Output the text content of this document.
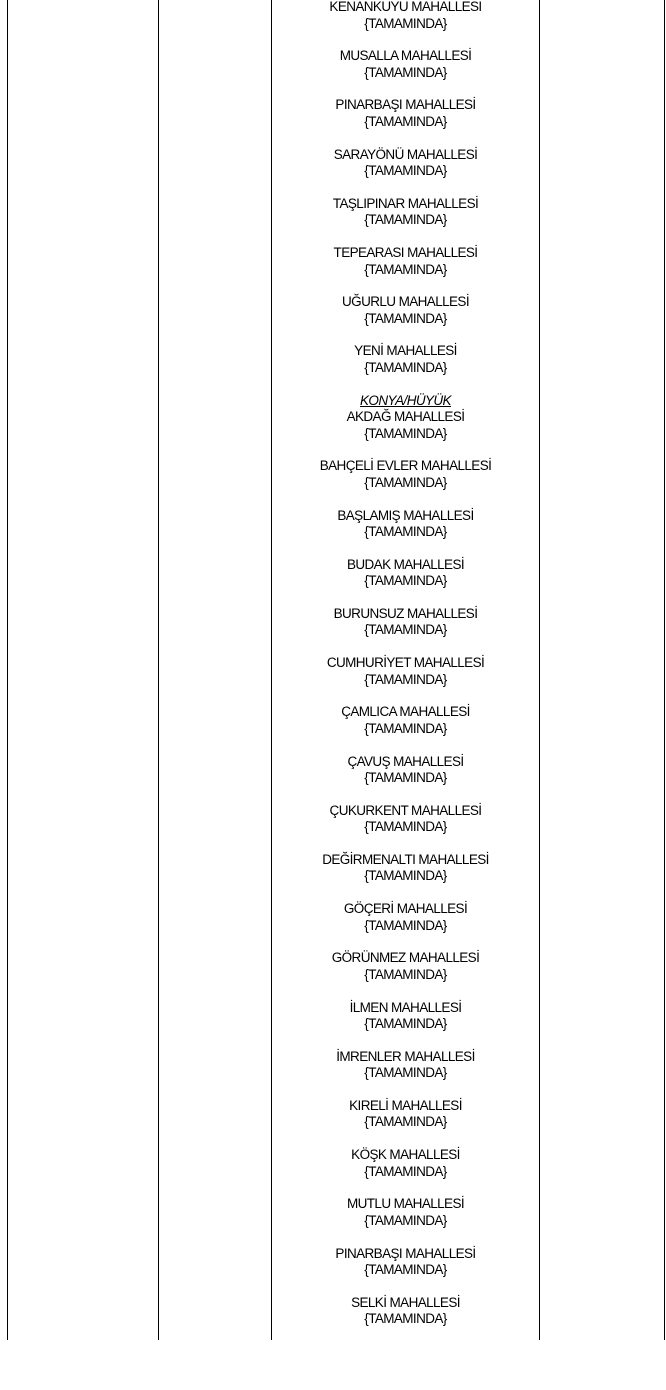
KENANKUYU MAHALLESİ
{TAMAMINDA}
MUSALLA MAHALLESİ
{TAMAMINDA}
PINARBAŞI MAHALLESİ
{TAMAMINDA}
SARAYÖNÜ MAHALLESİ
{TAMAMINDA}
TAŞLIPINAR MAHALLESİ
{TAMAMINDA}
TEPEARASI MAHALLESİ
{TAMAMINDA}
UĞURLU MAHALLESİ
{TAMAMINDA}
YENİ MAHALLESİ
{TAMAMINDA}
KONYA/HÜYÜK
AKDAĞ MAHALLESİ
{TAMAMINDA}
BAHÇELİ EVLER MAHALLESİ
{TAMAMINDA}
BAŞLAMIŞ MAHALLESİ
{TAMAMINDA}
BUDAK MAHALLESİ
{TAMAMINDA}
BURUNSUZ MAHALLESİ
{TAMAMINDA}
CUMHURİYET MAHALLESİ
{TAMAMINDA}
ÇAMLICA MAHALLESİ
{TAMAMINDA}
ÇAVUŞ MAHALLESİ
{TAMAMINDA}
ÇUKURKENT MAHALLESİ
{TAMAMINDA}
DEĞİRMENALTI MAHALLESİ
{TAMAMINDA}
GÖÇERİ MAHALLESİ
{TAMAMINDA}
GÖRÜNMEZ MAHALLESİ
{TAMAMINDA}
İLMEN MAHALLESİ
{TAMAMINDA}
İMRENLER MAHALLESİ
{TAMAMINDA}
KIRELİ MAHALLESİ
{TAMAMINDA}
KÖŞK MAHALLESİ
{TAMAMINDA}
MUTLU MAHALLESİ
{TAMAMINDA}
PINARBAŞI MAHALLESİ
{TAMAMINDA}
SELKİ MAHALLESİ
{TAMAMINDA}
